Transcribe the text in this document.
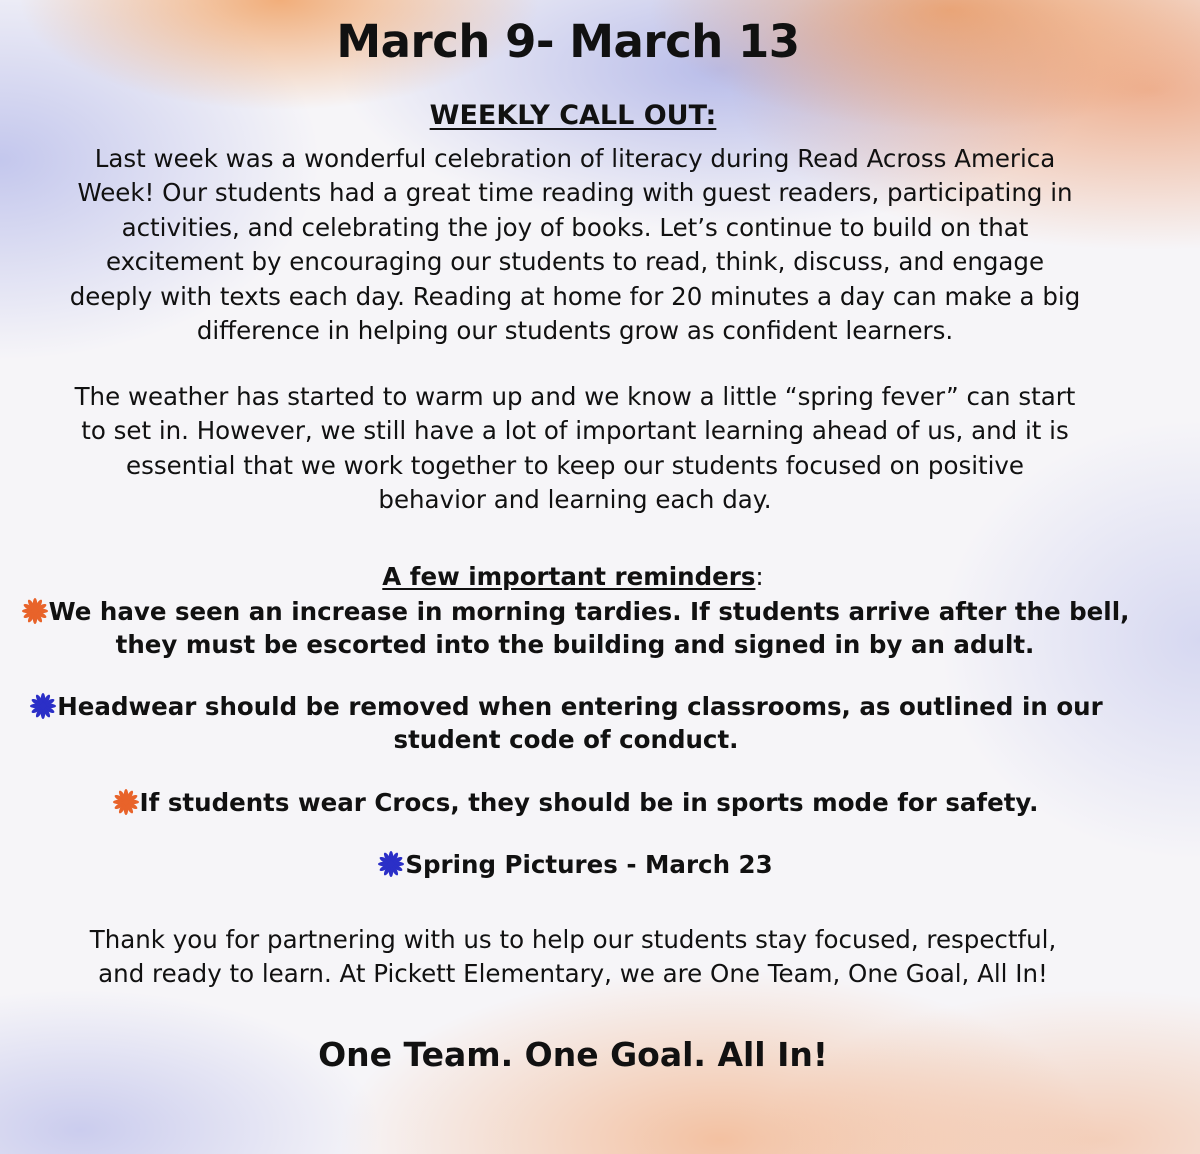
March 9- March 13
WEEKLY CALL OUT:

Last week was a wonderful celebration of literacy during Read Across America
Week! Our students had a great time reading with guest readers, participating in
activities, and celebrating the joy of books. Let’s continue to build on that
excitement by encouraging our students to read, think, discuss, and engage
deeply with texts each day. Reading at home for 20 minutes a day can make a big
difference in helping our students grow as confident learners.

The weather has started to warm up and we know a little “spring fever” can start
to set in. However, we still have a lot of important learning ahead of us, and it is
essential that we work together to keep our students focused on positive
behavior and learning each day.

A few important reminders:

We have seen an increase in morning tardies. If students arrive after the bell,
they must be escorted into the building and signed in by an adult.

Headwear should be removed when entering classrooms, as outlined in our
student code of conduct.

If students wear Crocs, they should be in sports mode for safety.

Spring Pictures - March 23

Thank you for partnering with us to help our students stay focused, respectful,
and ready to learn. At Pickett Elementary, we are One Team, One Goal, All In!

One Team. One Goal. All In!
